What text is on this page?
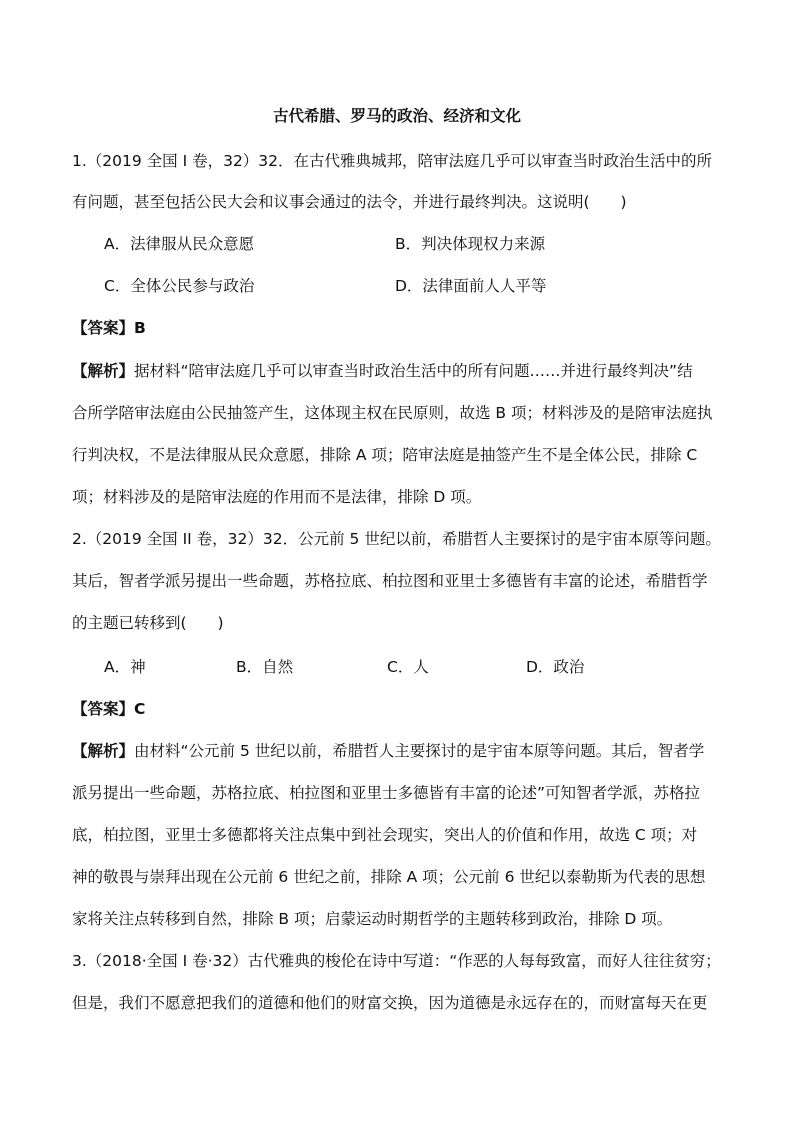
古代希腊、罗马的政治、经济和文化
1.（2019 全国 I 卷，32）32．在古代雅典城邦，陪审法庭几乎可以审查当时政治生活中的所
有问题，甚至包括公民大会和议事会通过的法令，并进行最终判决。这说明(　　)
A．法律服从民众意愿	B．判决体现权力来源
C．全体公民参与政治	D．法律面前人人平等
【答案】B
【解析】据材料“陪审法庭几乎可以审查当时政治生活中的所有问题……并进行最终判决”结
合所学陪审法庭由公民抽签产生，这体现主权在民原则，故选 B 项；材料涉及的是陪审法庭执
行判决权，不是法律服从民众意愿，排除 A 项；陪审法庭是抽签产生不是全体公民，排除 C
项；材料涉及的是陪审法庭的作用而不是法律，排除 D 项。
2.（2019 全国 II 卷，32）32．公元前 5 世纪以前，希腊哲人主要探讨的是宇宙本原等问题。
其后，智者学派另提出一些命题，苏格拉底、柏拉图和亚里士多德皆有丰富的论述，希腊哲学
的主题已转移到(　　)
A．神	B．自然	C．人	D．政治
【答案】C
【解析】由材料“公元前 5 世纪以前，希腊哲人主要探讨的是宇宙本原等问题。其后，智者学
派另提出一些命题，苏格拉底、柏拉图和亚里士多德皆有丰富的论述”可知智者学派，苏格拉
底，柏拉图，亚里士多德都将关注点集中到社会现实，突出人的价值和作用，故选 C 项；对
神的敬畏与崇拜出现在公元前 6 世纪之前，排除 A 项；公元前 6 世纪以泰勒斯为代表的思想
家将关注点转移到自然，排除 B 项；启蒙运动时期哲学的主题转移到政治，排除 D 项。
3.（2018·全国 I 卷·32）古代雅典的梭伦在诗中写道：“作恶的人每每致富，而好人往往贫穷；
但是，我们不愿意把我们的道德和他们的财富交换，因为道德是永远存在的，而财富每天在更
